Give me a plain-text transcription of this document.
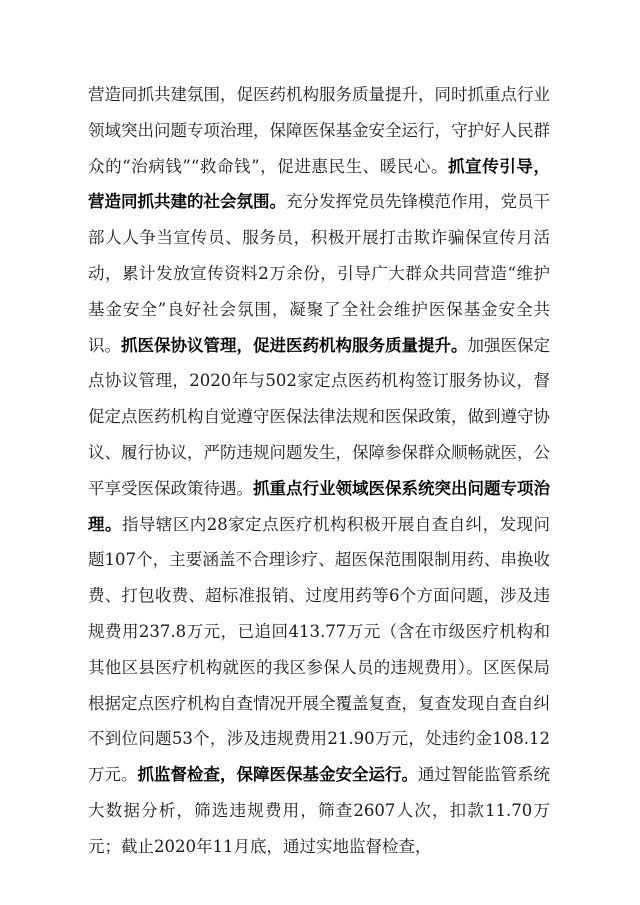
营造同抓共建氛围，促医药机构服务质量提升，同时抓重点行业领域突出问题专项治理，保障医保基金安全运行，守护好人民群众的“治病钱”“救命钱”，促进惠民生、暖民心。抓宣传引导，营造同抓共建的社会氛围。充分发挥党员先锋模范作用，党员干部人人争当宣传员、服务员，积极开展打击欺诈骗保宣传月活动，累计发放宣传资料2万余份，引导广大群众共同营造“维护基金安全”良好社会氛围，凝聚了全社会维护医保基金安全共识。抓医保协议管理，促进医药机构服务质量提升。加强医保定点协议管理，2020年与502家定点医药机构签订服务协议，督促定点医药机构自觉遵守医保法律法规和医保政策，做到遵守协议、履行协议，严防违规问题发生，保障参保群众顺畅就医，公平享受医保政策待遇。抓重点行业领域医保系统突出问题专项治理。指导辖区内28家定点医疗机构积极开展自查自纠，发现问题107个，主要涵盖不合理诊疗、超医保范围限制用药、串换收费、打包收费、超标准报销、过度用药等6个方面问题，涉及违规费用237.8万元，已追回413.77万元（含在市级医疗机构和其他区县医疗机构就医的我区参保人员的违规费用）。区医保局根据定点医疗机构自查情况开展全覆盖复查，复查发现自查自纠不到位问题53个，涉及违规费用21.90万元，处违约金108.12万元。抓监督检查，保障医保基金安全运行。通过智能监管系统大数据分析，筛选违规费用，筛查2607人次，扣款11.70万元；截止2020年11月底，通过实地监督检查，
